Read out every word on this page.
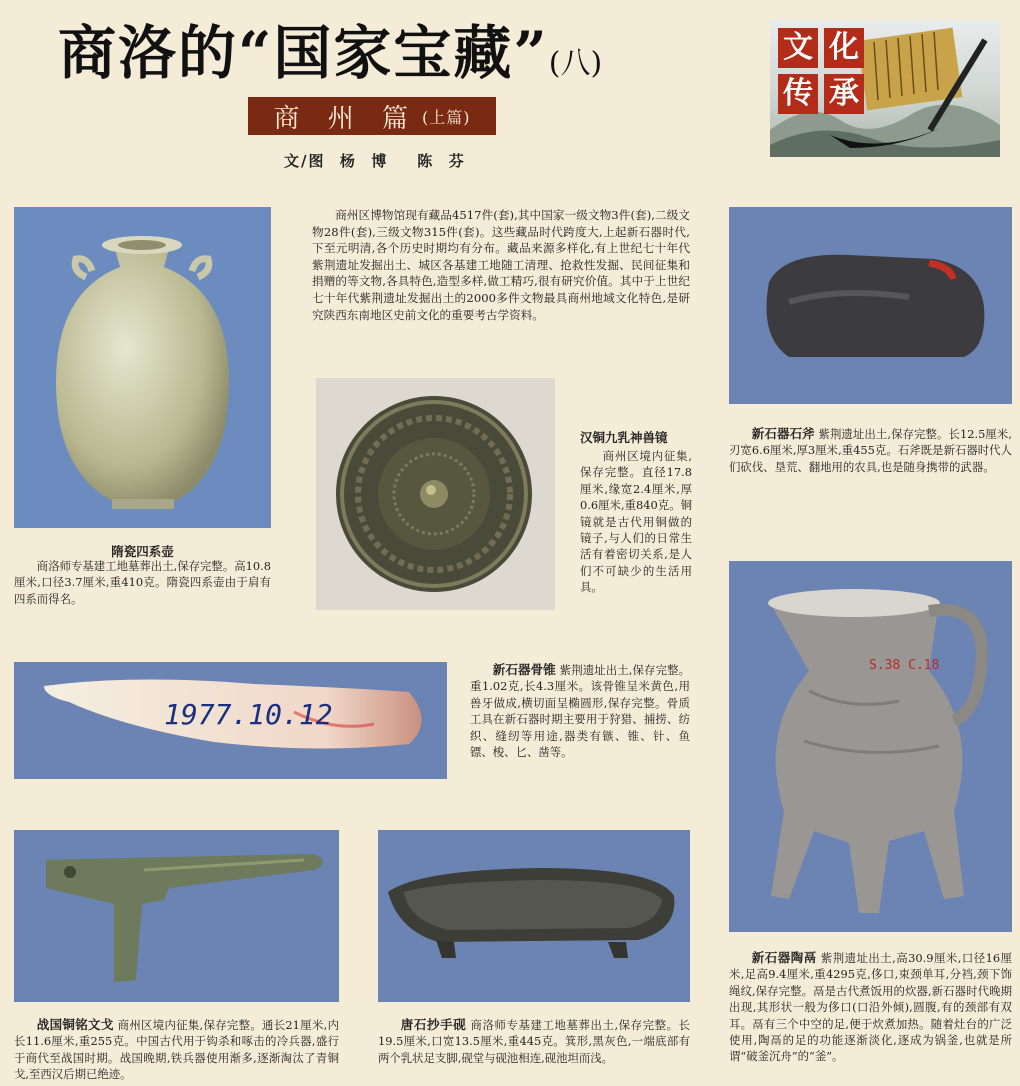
商洛的“国家宝藏”(八)
商 州 篇 (上篇)
文/图  杨  博    陈  芬
文 化
传 承
商州区博物馆现有藏品4517件(套),其中国家一级文物3件(套),二级文物28件(套),三级文物315件(套)。这些藏品时代跨度大,上起新石器时代,下至元明清,各个历史时期均有分布。藏品来源多样化,有上世纪七十年代紫荆遗址发掘出土、城区各基建工地随工清理、抢救性发掘、民间征集和捐赠的等文物,各具特色,造型多样,做工精巧,很有研究价值。其中于上世纪七十年代紫荆遗址发掘出土的2000多件文物最具商州地域文化特色,是研究陕西东南地区史前文化的重要考古学资料。
隋瓷四系壶
商洛师专基建工地墓葬出土,保存完整。高10.8厘米,口径3.7厘米,重410克。隋瓷四系壶由于肩有四系而得名。
汉铜九乳神兽镜
商州区境内征集,保存完整。直径17.8厘米,缘宽2.4厘米,厚0.6厘米,重840克。铜镜就是古代用铜做的镜子,与人们的日常生活有着密切关系,是人们不可缺少的生活用具。
新石器石斧 紫荆遗址出土,保存完整。长12.5厘米,刃宽6.6厘米,厚3厘米,重455克。石斧既是新石器时代人们砍伐、垦荒、翻地用的农具,也是随身携带的武器。
1977.10.12
新石器骨锥 紫荆遗址出土,保存完整。重1.02克,长4.3厘米。该骨锥呈米黄色,用兽牙做成,横切面呈椭圆形,保存完整。骨质工具在新石器时期主要用于狩猎、捕捞、纺织、缝纫等用途,器类有镞、锥、针、鱼镖、梭、匕、凿等。
S.38 C.18
新石器陶鬲 紫荆遗址出土,高30.9厘米,口径16厘米,足高9.4厘米,重4295克,侈口,束颈单耳,分裆,颈下饰绳纹,保存完整。鬲是古代煮饭用的炊器,新石器时代晚期出现,其形状一般为侈口(口沿外倾),圆腹,有的颈部有双耳。鬲有三个中空的足,便于炊煮加热。随着灶台的广泛使用,陶鬲的足的功能逐渐淡化,逐成为锅釜,也就是所谓“破釜沉舟”的“釜”。
战国铜铭文戈 商州区境内征集,保存完整。通长21厘米,内长11.6厘米,重255克。中国古代用于钩杀和啄击的冷兵器,盛行于商代至战国时期。战国晚期,铁兵器使用渐多,逐渐淘汰了青铜戈,至西汉后期已绝迹。
唐石抄手砚 商洛师专基建工地墓葬出土,保存完整。长19.5厘米,口宽13.5厘米,重445克。箕形,黑灰色,一端底部有两个乳状足支脚,砚堂与砚池相连,砚池坦而浅。
